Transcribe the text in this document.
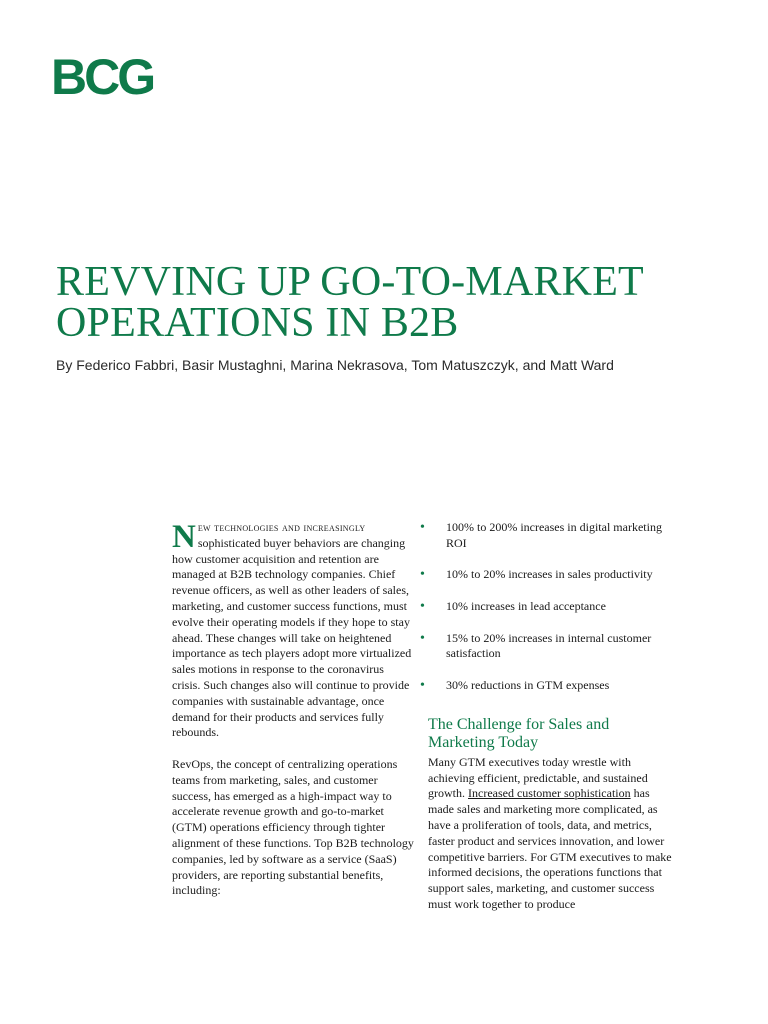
BCG
REVVING UP GO-TO-MARKET
OPERATIONS IN B2B
By Federico Fabbri, Basir Mustaghni, Marina Nekrasova, Tom Matuszczyk, and Matt Ward

New technologies and increasingly sophisticated buyer behaviors are changing how customer acquisition and retention are managed at B2B technology companies. Chief revenue officers, as well as other leaders of sales, marketing, and customer success functions, must evolve their operating models if they hope to stay ahead. These changes will take on heightened importance as tech players adopt more virtualized sales motions in response to the coronavirus crisis. Such changes also will continue to provide companies with sustainable advantage, once demand for their products and services fully rebounds.

RevOps, the concept of centralizing operations teams from marketing, sales, and customer success, has emerged as a high-impact way to accelerate revenue growth and go-to-market (GTM) operations efficiency through tighter alignment of these functions. Top B2B technology companies, led by software as a service (SaaS) providers, are reporting substantial benefits, including:

• 100% to 200% increases in digital marketing ROI
• 10% to 20% increases in sales productivity
• 10% increases in lead acceptance
• 15% to 20% increases in internal customer satisfaction
• 30% reductions in GTM expenses
The Challenge for Sales and Marketing Today

Many GTM executives today wrestle with achieving efficient, predictable, and sustained growth. Increased customer sophistication has made sales and marketing more complicated, as have a proliferation of tools, data, and metrics, faster product and services innovation, and lower competitive barriers. For GTM executives to make informed decisions, the operations functions that support sales, marketing, and customer success must work together to produce
